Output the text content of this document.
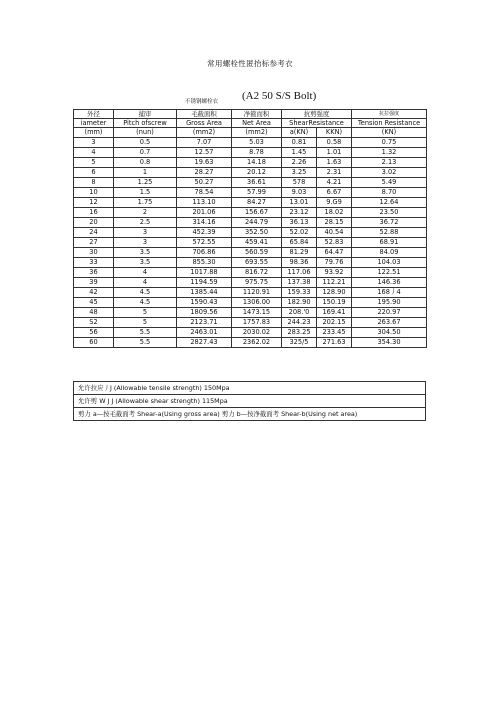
常用螺栓性匿抬标参考衣
不锈钢螺栓衣 (A2 50 S/S Bolt)
外径	捕审	毛截面积	净箍而积	抗剪强度		抗拉强度
iameter	Pitch ofscrew	Gross Area	Net Area	ShearResistance		Tension Resistance
(mm)	(nun)	(mm2)	(mm2)	a(KN)	KKN)	(KN)
3	0.5	7.07	5.03	0.81	0.58	0.75
4	0.7	12.57	8.78	1.45	1.01	1.32
5	0.8	19.63	14.18	2.26	1.63	2.13
6	1	28.27	20.12	3.25	2.31	3.02
8	1.25	50.27	36.61	578	4.21	5.49
10	1.5	78.54	57.99	9.03	6.67	8.70
12	1.75	113.10	84.27	13.01	9.G9	12.64
16	2	201.06	156.67	23.12	18.02	23.50
20	2.5	314.16	244.79	36.13	28.15	36.72
24	3	452.39	352.50	52.02	40.54	52.88
27	3	572.55	459.41	65.84	52.83	68.91
30	3.5	706.86	560.59	81.29	64.47	84.09
33	3.5	855.30	693.55	98.36	79.76	104.03
36	4	1017.88	816.72	117.06	93.92	122.51
39	4	1194.59	975.75	137.38	112.21	146.36
42	4.5	1385.44	1120.91	159.33	128.90	168丿4
45	4.5	1590.43	1306.00	182.90	150.19	195.90
48	5	1809.56	1473.15	208.'0	169.41	220.97
S2	5	2123.71	1757.83	244.23	202.15	263.67
56	5.5	2463.01	2030.02	283.25	233.45	304.50
60	5.5	2827.43	2362.02	325/5	271.63	354.30
允许拉应丿J (Allowable tensile strength) 150Mpa
允许剪 W J J (Allowable shear strength) 115Mpa
剪力 a—按毛截面考 Shear-a(Using gross area) 剪力 b—按净截面考 Shear-b(Using net area)
